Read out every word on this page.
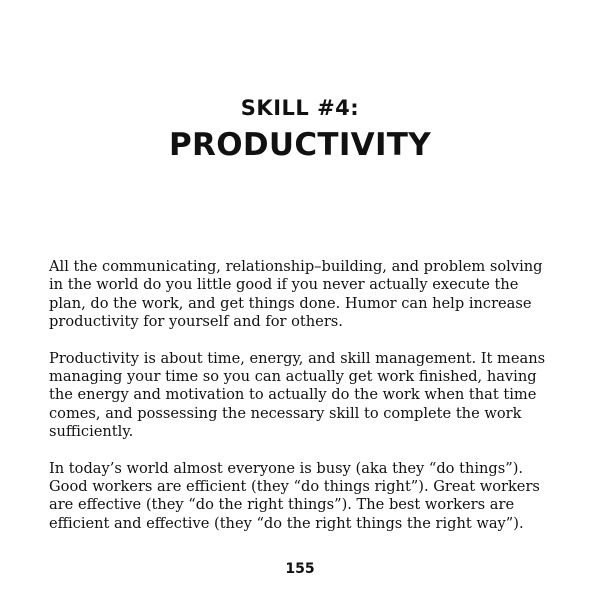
SKILL #4:
PRODUCTIVITY

All the communicating, relationship–building, and problem solving in the world do you little good if you never actually execute the plan, do the work, and get things done. Humor can help increase productivity for yourself and for others.

Productivity is about time, energy, and skill management. It means managing your time so you can actually get work finished, having the energy and motivation to actually do the work when that time comes, and possessing the necessary skill to complete the work sufficiently.

In today’s world almost everyone is busy (aka they “do things”). Good workers are efficient (they “do things right”). Great workers are effective (they “do the right things”). The best workers are efficient and effective (they “do the right things the right way”).

155
